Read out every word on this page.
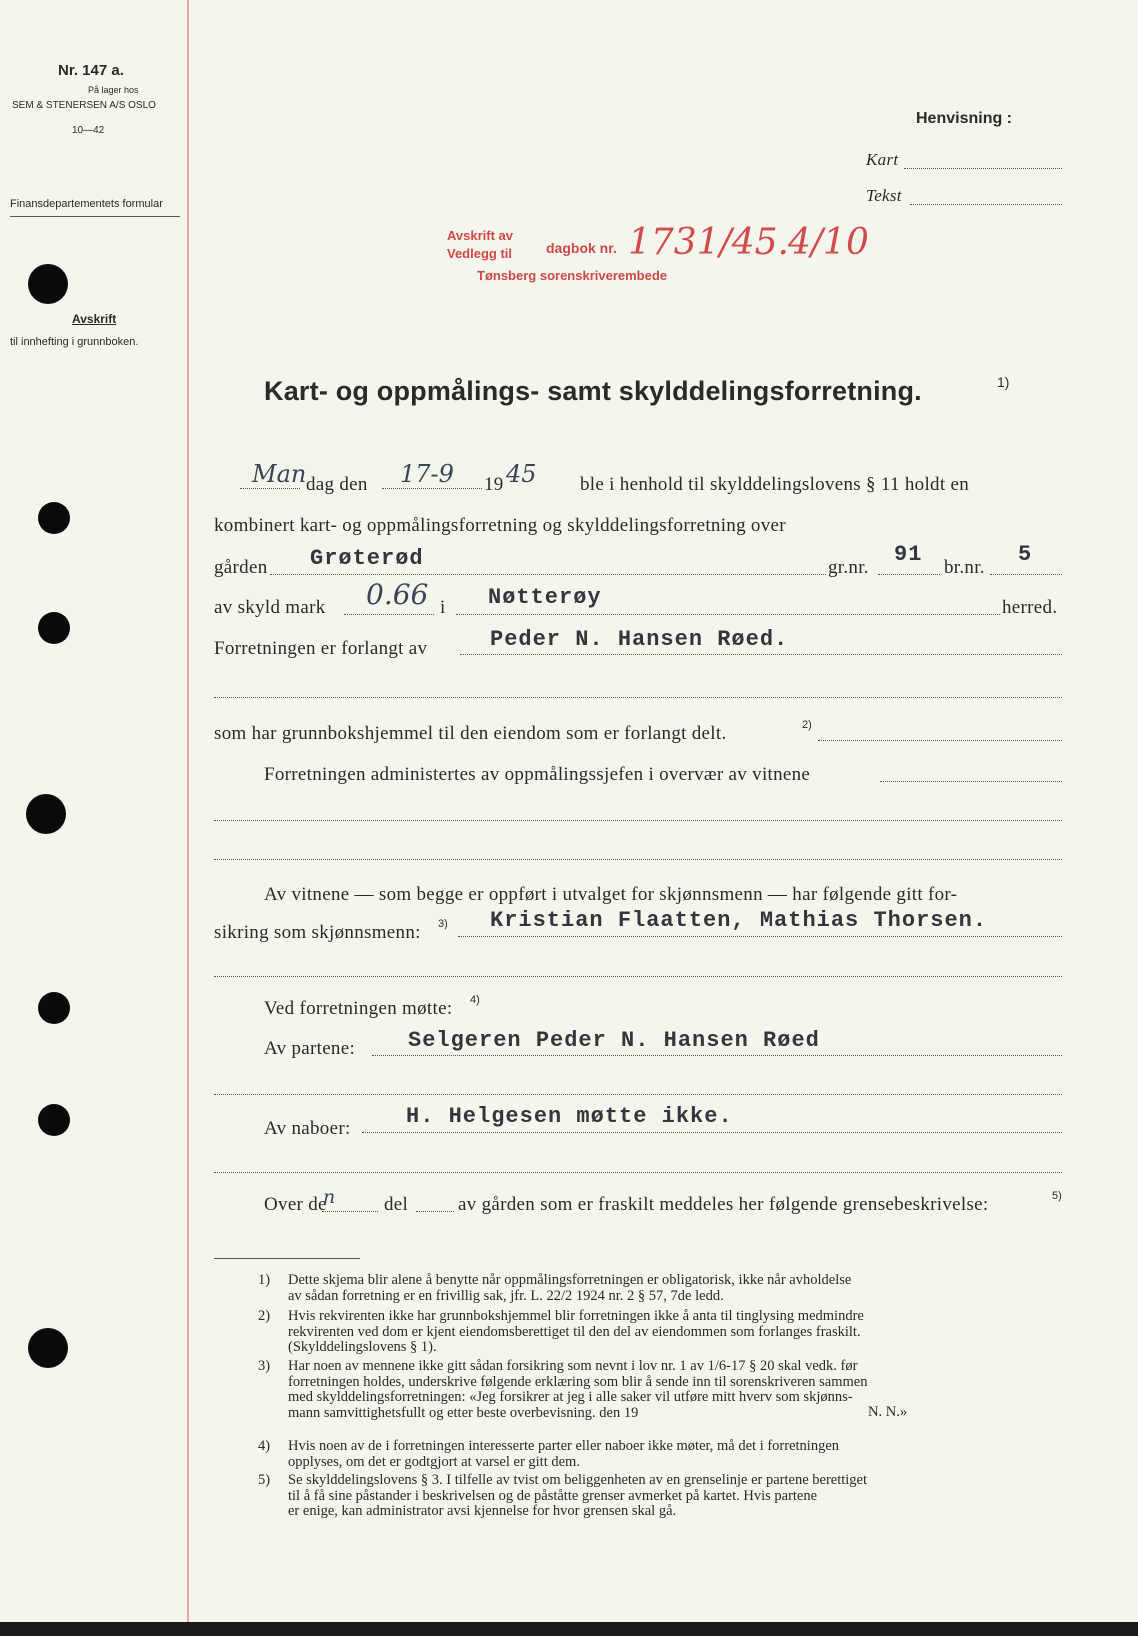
Nr. 147 a.
På lager hos
SEM & STENERSEN A/S OSLO
10—42
Finansdepartementets formular
Avskrift
til innhefting i grunnboken.
Henvisning :
Kart
Tekst
Avskrift av
Vedlegg til dagbok nr.
Tønsberg sorenskriverembede
1731/45. 4/10
Kart- og oppmålings- samt skylddelingsforretning.	1)
Man dag den 17-9 19 45 ble i henhold til skylddelingslovens § 11 holdt en
kombinert kart- og oppmålingsforretning og skylddelingsforretning over
gården Grøterød	gr.nr.
91
br.nr.
5
av skyld mark 0.66 i Nøtterøy	herred.
Forretningen er forlangt av	Peder N. Hansen Røed.
som har grunnbokshjemmel til den eiendom som er forlangt delt.	2)
Forretningen administertes av oppmålingssjefen i overvær av vitnene
Av vitnene — som begge er oppført i utvalget for skjønnsmenn — har følgende gitt for-
sikring som skjønnsmenn: 3) Kristian Flaatten, Mathias Thorsen.
Ved forretningen møtte: 4)
Av partene: Selgeren Peder N. Hansen Røed
Av naboer:	H. Helgesen møtte ikke.
Over de
n	del	av gården som er fraskilt meddeles her følgende grensebeskrivelse:	5)
1) Dette skjema blir alene å benytte når oppmålingsforretningen er obligatorisk, ikke når avholdelse
av sådan forretning er en frivillig sak, jfr. L. 22/2 1924 nr. 2 § 57, 7de ledd.
2) Hvis rekvirenten ikke har grunnbokshjemmel blir forretningen ikke å anta til tinglysing medmindre
rekvirenten ved dom er kjent eiendomsberettiget til den del av eiendommen som forlanges fraskilt.
(Skylddelingslovens § 1).
3) Har noen av mennene ikke gitt sådan forsikring som nevnt i lov nr. 1 av 1/6-17 § 20 skal vedk. før
forretningen holdes, underskrive følgende erklæring som blir å sende inn til sorenskriveren sammen
med skylddelingsforretningen: «Jeg forsikrer at jeg i alle saker vil utføre mitt hverv som skjønns-
mann samvittighetsfullt og etter beste overbevisning. den 19
4) Hvis noen av de i forretningen interesserte parter eller naboer ikke møter, må det i forretningen
opplyses, om det er godtgjort at varsel er gitt dem.
5) Se skylddelingslovens § 3. I tilfelle av tvist om beliggenheten av en grenselinje er partene berettiget
til å få sine påstander i beskrivelsen og de påståtte grenser avmerket på kartet. Hvis partene
er enige, kan administrator avsi kjennelse for hvor grensen skal gå.
N. N.»
